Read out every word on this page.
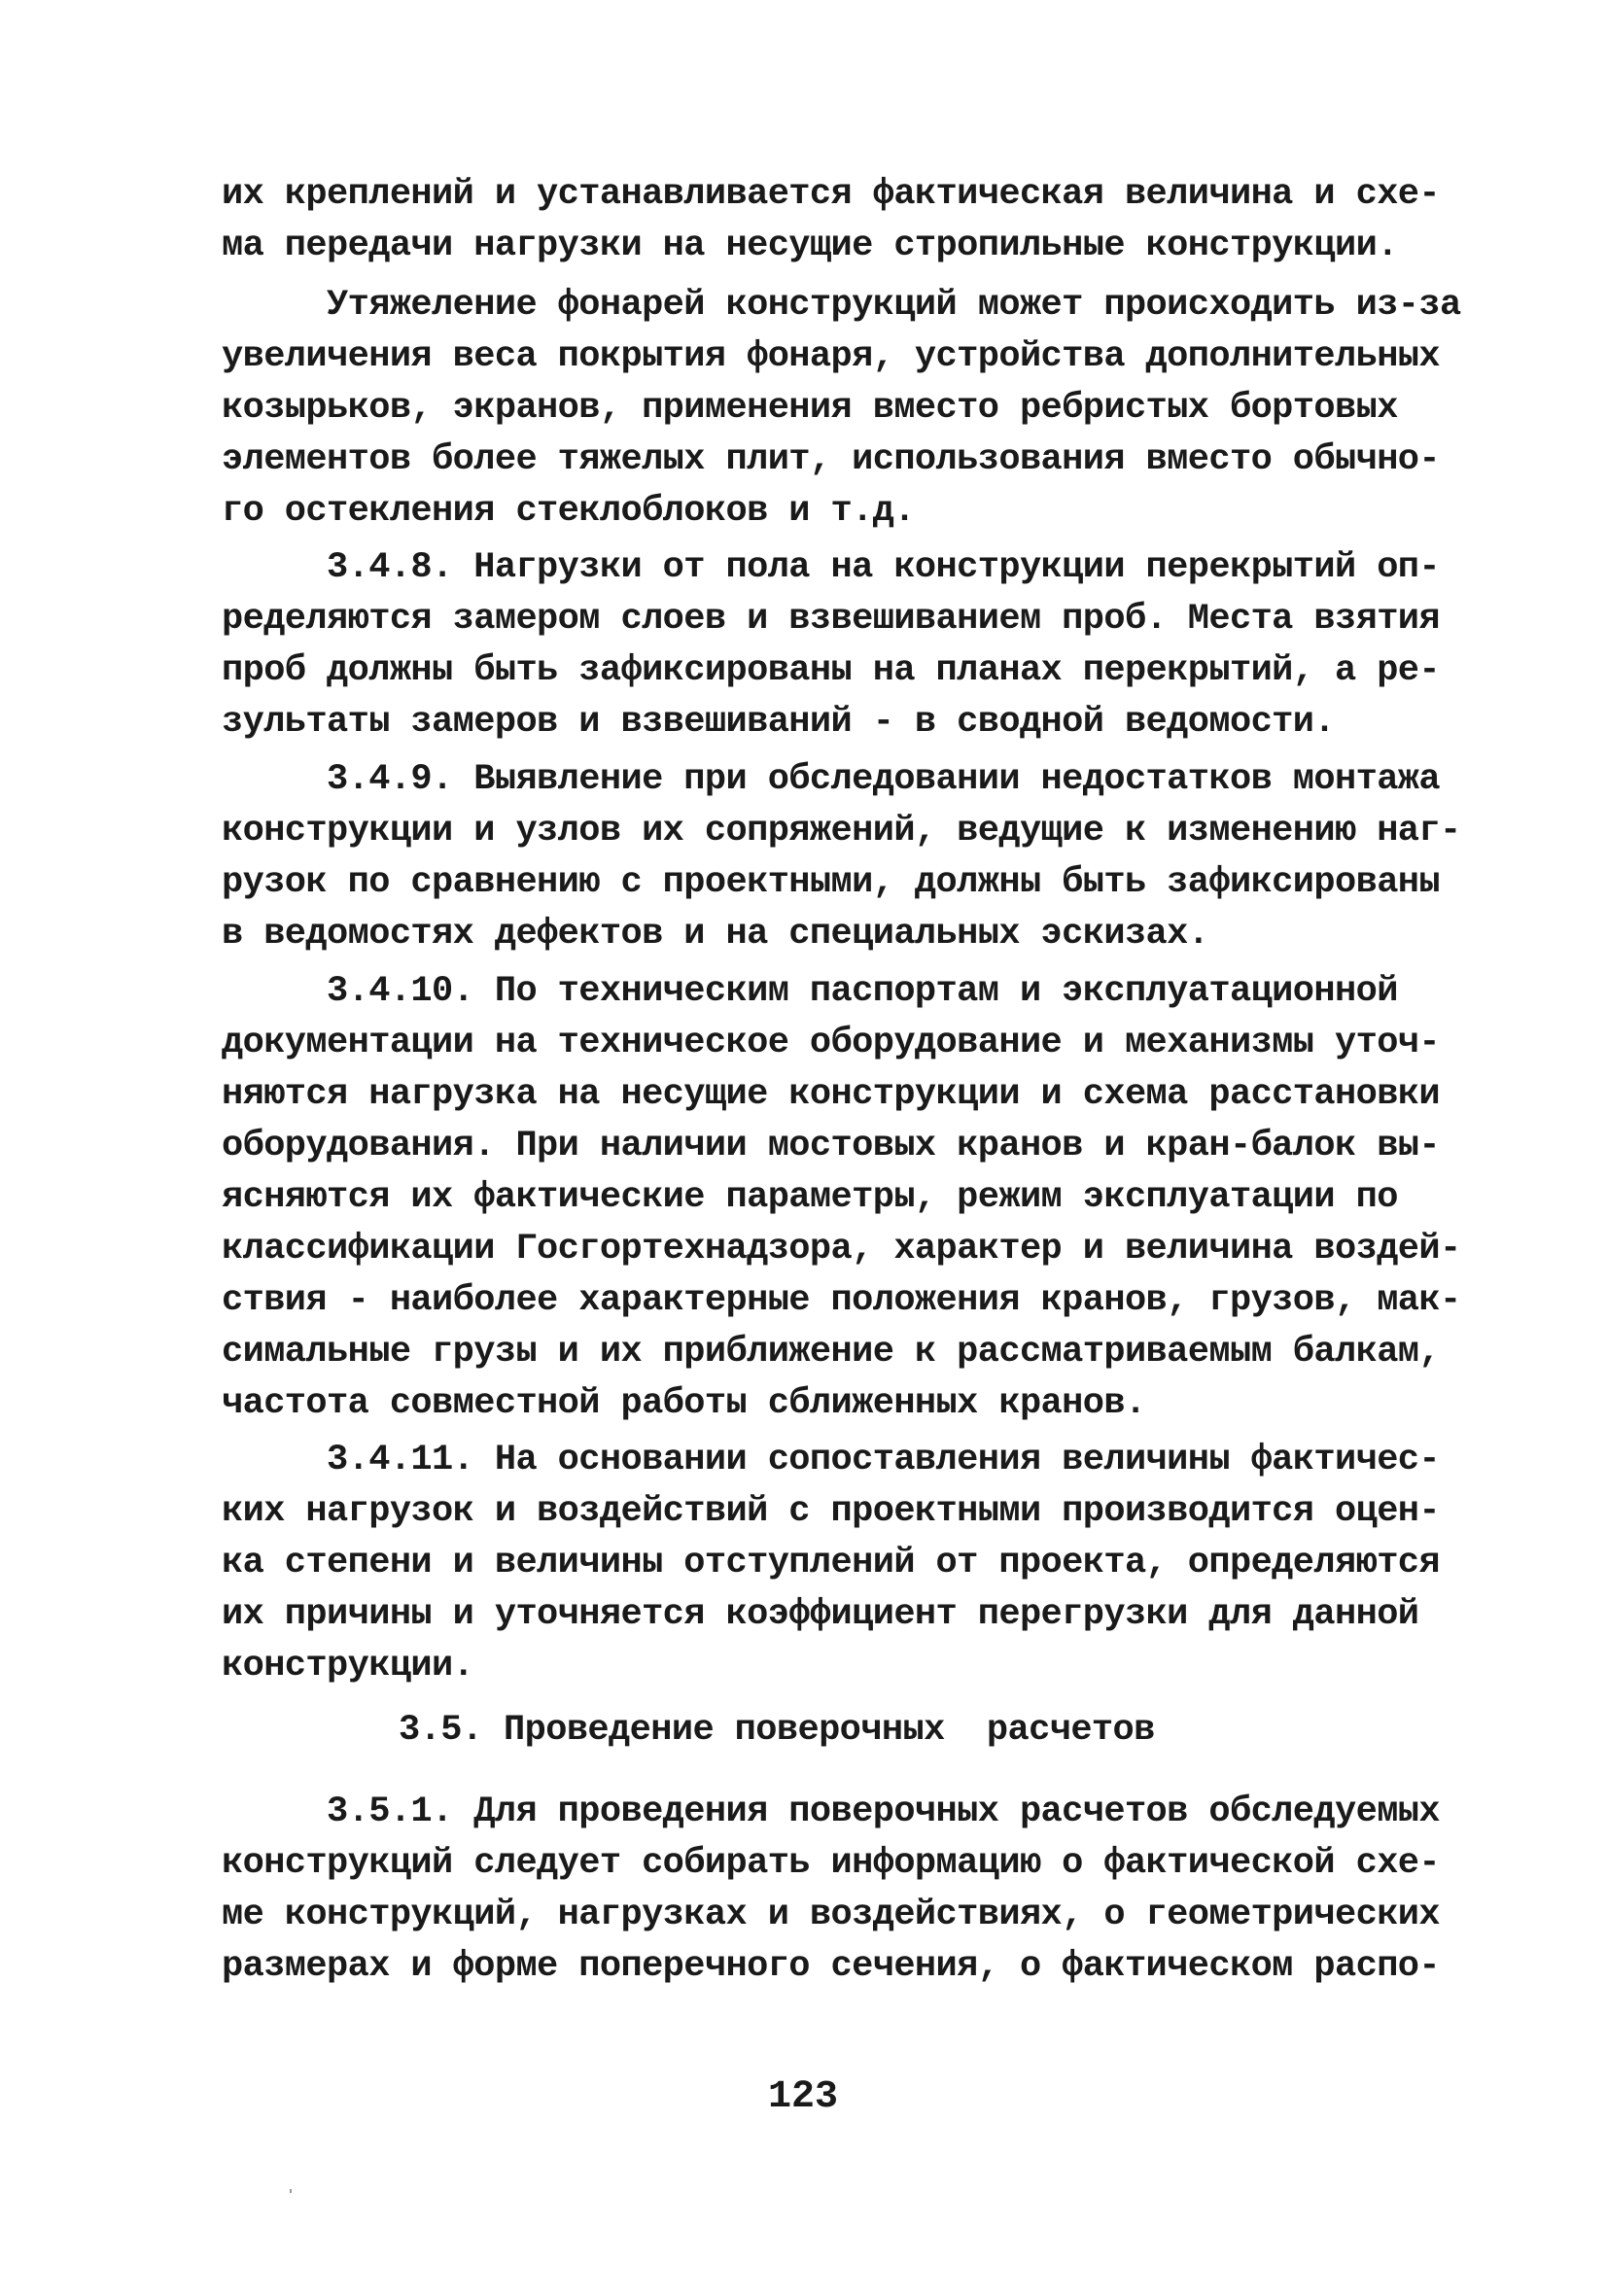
их креплений и устанавливается фактическая величина и схе-
ма передачи нагрузки на несущие стропильные конструкции.
Утяжеление фонарей конструкций может происходить из-за
увеличения веса покрытия фонаря, устройства дополнительных
козырьков, экранов, применения вместо ребристых бортовых
элементов более тяжелых плит, использования вместо обычно-
го остекления стеклоблоков и т.д.
3.4.8. Нагрузки от пола на конструкции перекрытий оп-
ределяются замером слоев и взвешиванием проб. Места взятия
проб должны быть зафиксированы на планах перекрытий, а ре-
зультаты замеров и взвешиваний - в сводной ведомости.
3.4.9. Выявление при обследовании недостатков монтажа
конструкции и узлов их сопряжений, ведущие к изменению наг-
рузок по сравнению с проектными, должны быть зафиксированы
в ведомостях дефектов и на специальных эскизах.
3.4.10. По техническим паспортам и эксплуатационной
документации на техническое оборудование и механизмы уточ-
няются нагрузка на несущие конструкции и схема расстановки
оборудования. При наличии мостовых кранов и кран-балок вы-
ясняются их фактические параметры, режим эксплуатации по
классификации Госгортехнадзора, характер и величина воздей-
ствия - наиболее характерные положения кранов, грузов, мак-
симальные грузы и их приближение к рассматриваемым балкам,
частота совместной работы сближенных кранов.
3.4.11. На основании сопоставления величины фактичес-
ких нагрузок и воздействий с проектными производится оцен-
ка степени и величины отступлений от проекта, определяются
их причины и уточняется коэффициент перегрузки для данной
конструкции.
3.5. Проведение поверочных  расчетов
3.5.1. Для проведения поверочных расчетов обследуемых
конструкций следует собирать информацию о фактической схе-
ме конструкций, нагрузках и воздействиях, о геометрических
размерах и форме поперечного сечения, о фактическом распо-
123
